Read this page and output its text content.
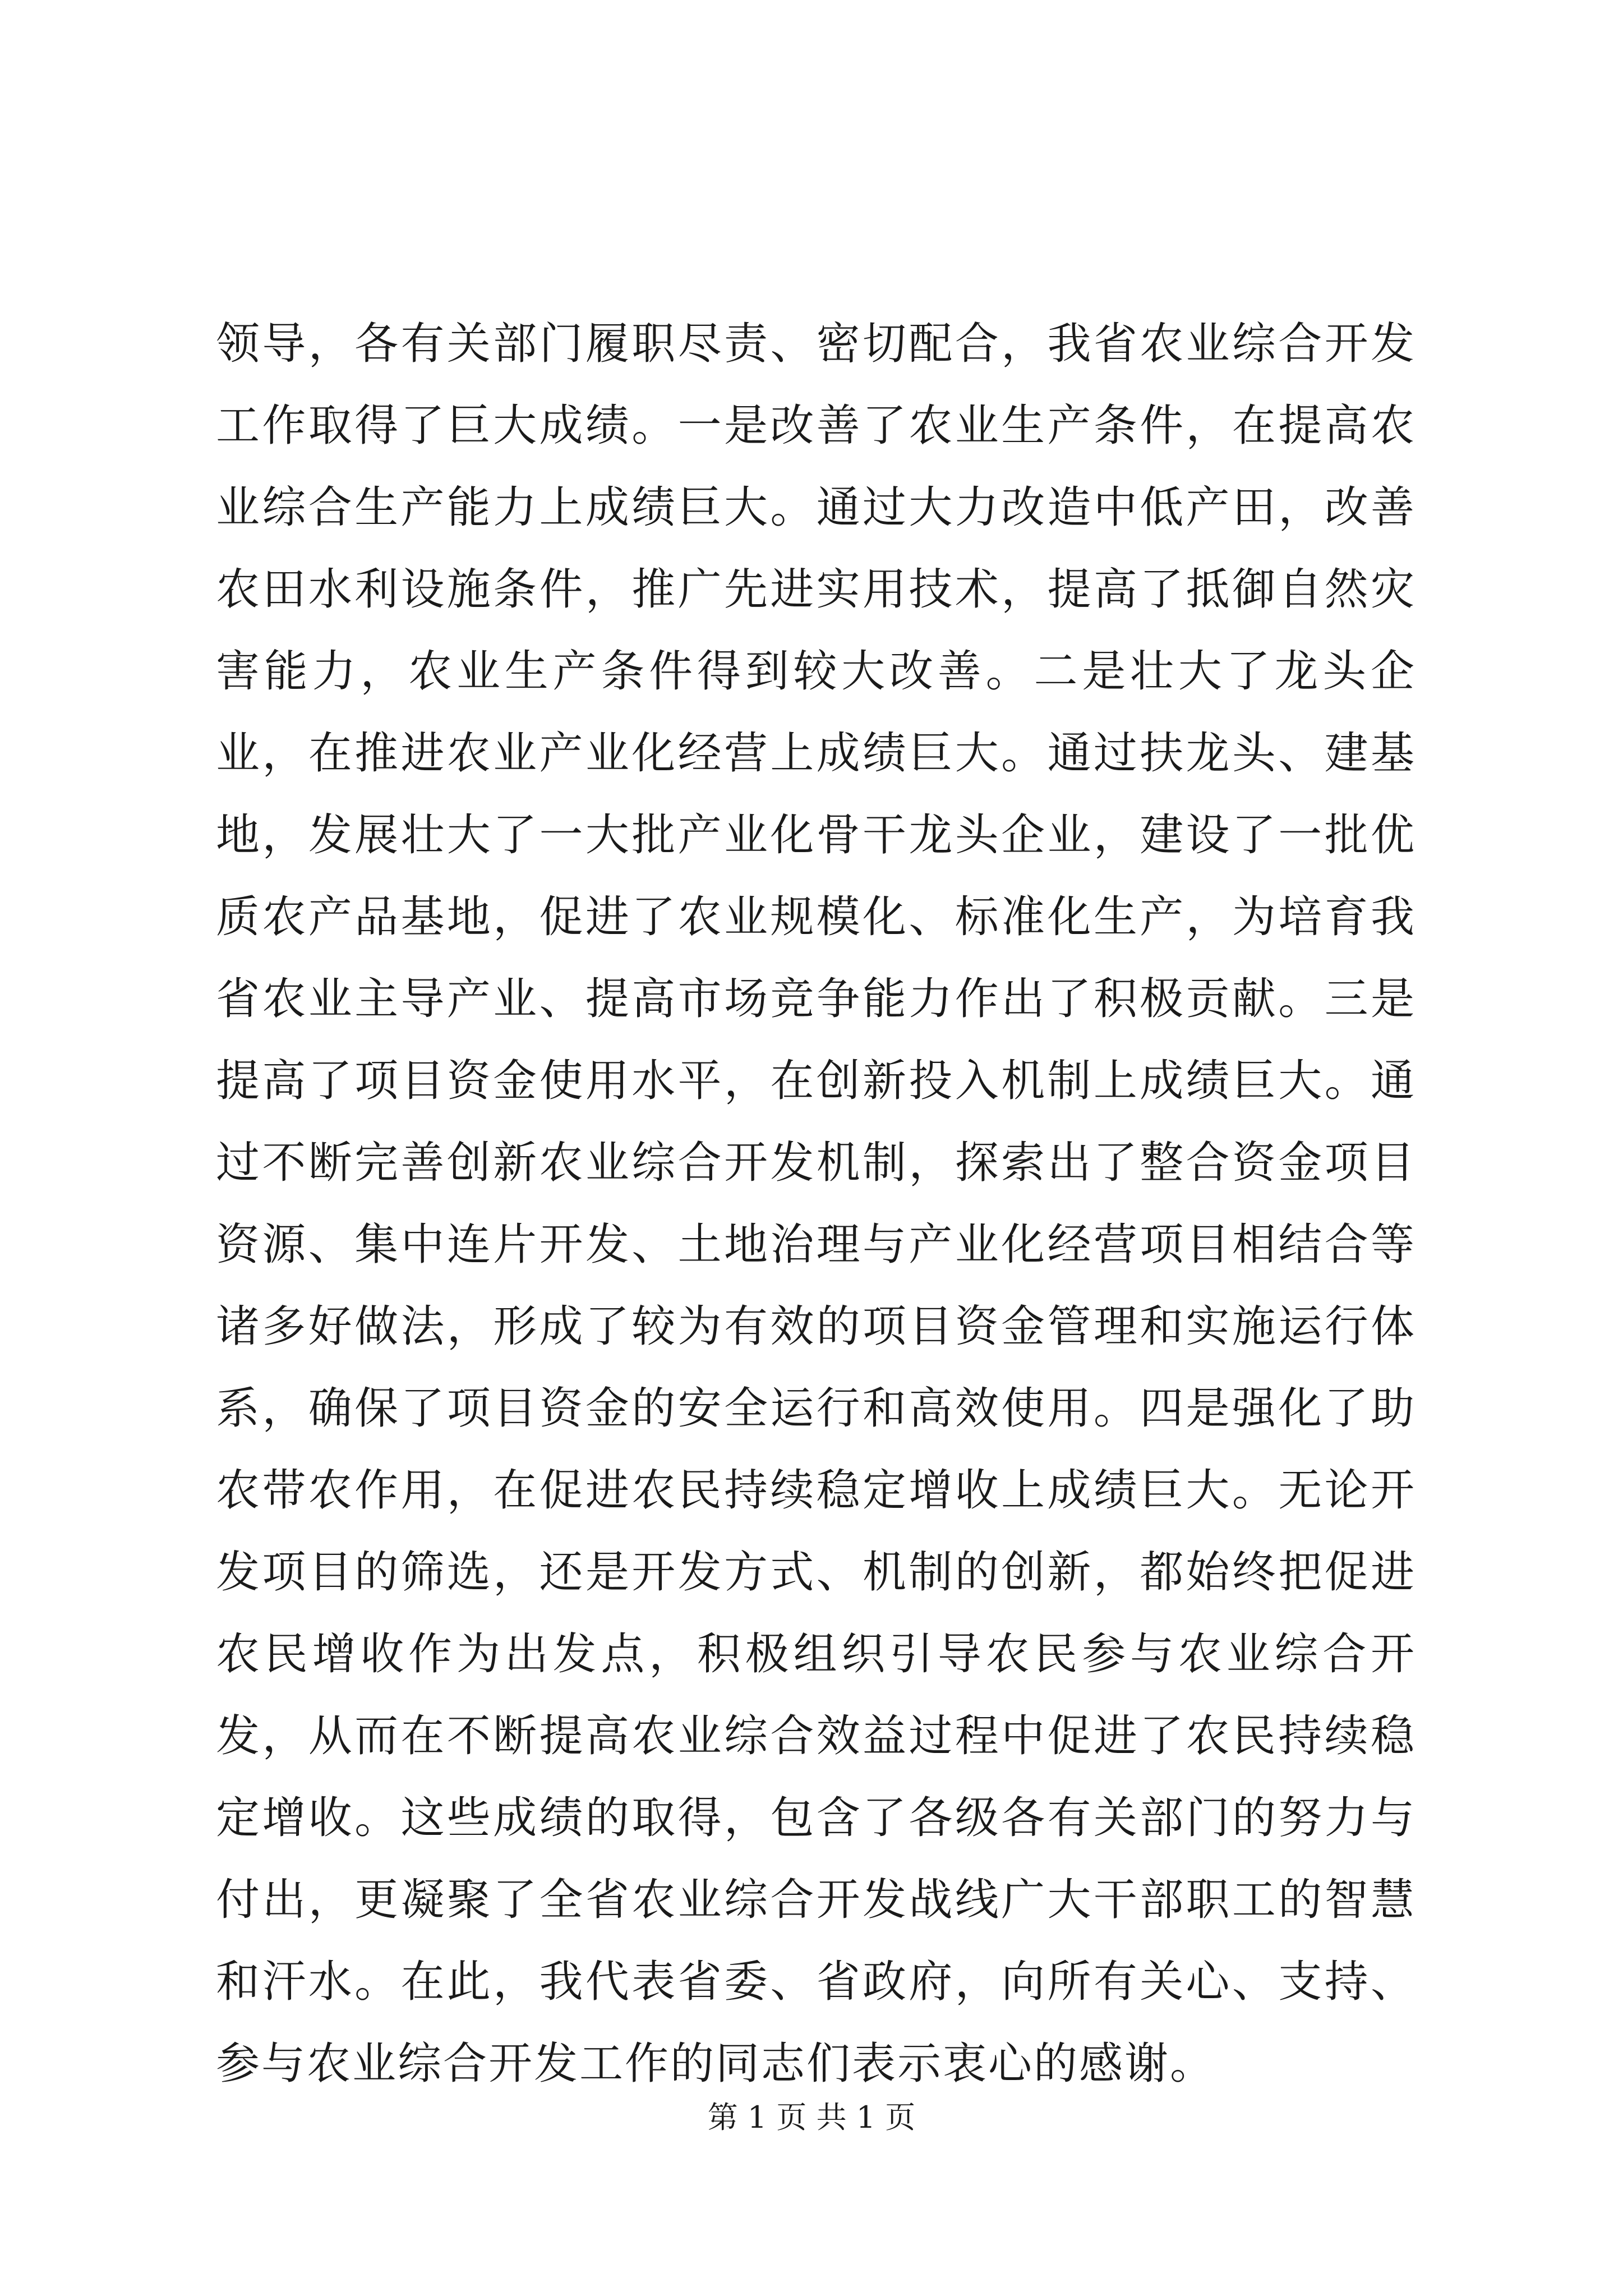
领导，各有关部门履职尽责、密切配合，我省农业综合开发工作取得了巨大成绩。一是改善了农业生产条件，在提高农业综合生产能力上成绩巨大。通过大力改造中低产田，改善农田水利设施条件，推广先进实用技术，提高了抵御自然灾害能力，农业生产条件得到较大改善。二是壮大了龙头企业，在推进农业产业化经营上成绩巨大。通过扶龙头、建基地，发展壮大了一大批产业化骨干龙头企业，建设了一批优质农产品基地，促进了农业规模化、标准化生产，为培育我省农业主导产业、提高市场竞争能力作出了积极贡献。三是提高了项目资金使用水平，在创新投入机制上成绩巨大。通过不断完善创新农业综合开发机制，探索出了整合资金项目资源、集中连片开发、土地治理与产业化经营项目相结合等诸多好做法，形成了较为有效的项目资金管理和实施运行体系，确保了项目资金的安全运行和高效使用。四是强化了助农带农作用，在促进农民持续稳定增收上成绩巨大。无论开发项目的筛选，还是开发方式、机制的创新，都始终把促进农民增收作为出发点，积极组织引导农民参与农业综合开发，从而在不断提高农业综合效益过程中促进了农民持续稳定增收。这些成绩的取得，包含了各级各有关部门的努力与付出，更凝聚了全省农业综合开发战线广大干部职工的智慧和汗水。在此，我代表省委、省政府，向所有关心、支持、参与农业综合开发工作的同志们表示衷心的感谢。

第 1 页 共 1 页
